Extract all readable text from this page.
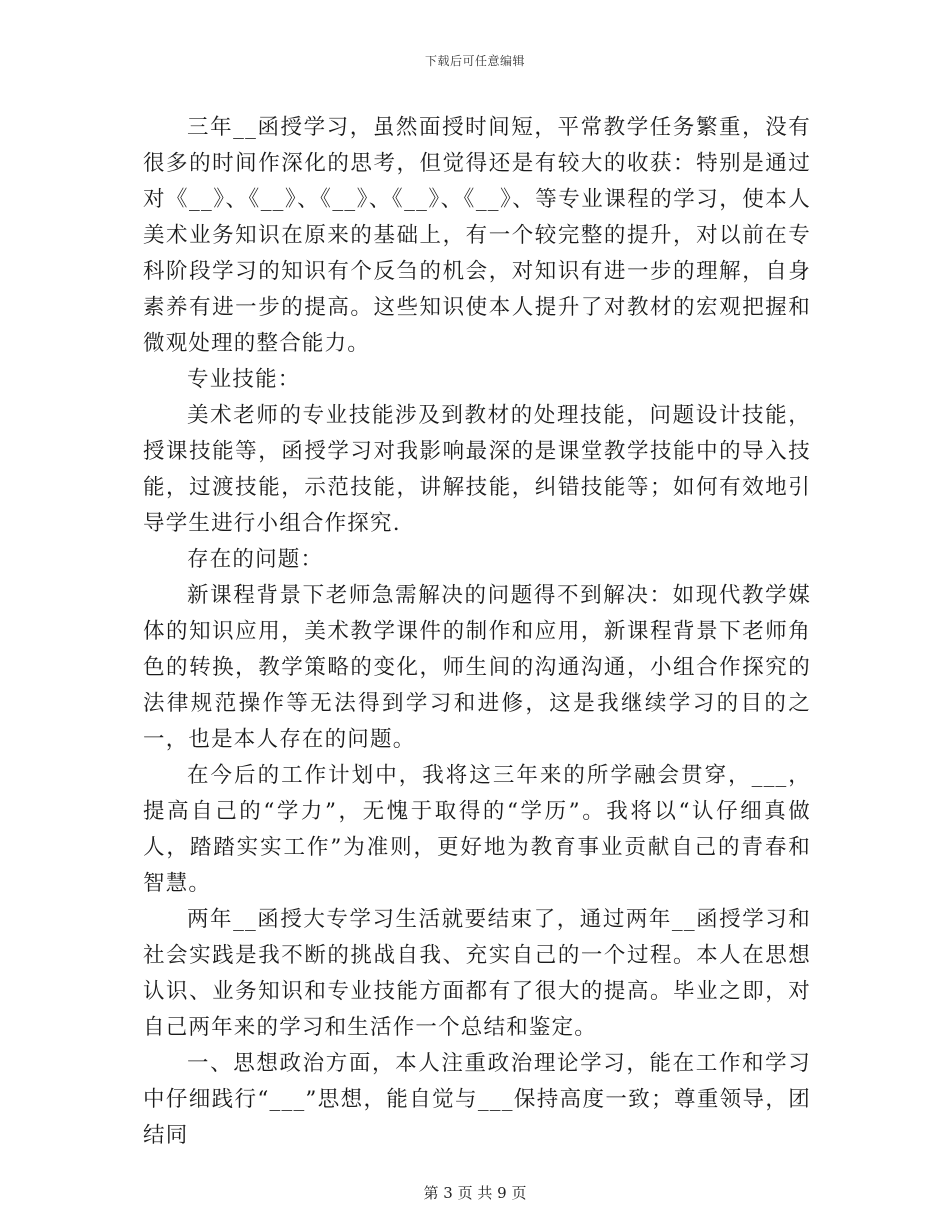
下载后可任意编辑

三年__函授学习，虽然面授时间短，平常教学任务繁重，没有很多的时间作深化的思考，但觉得还是有较大的收获：特别是通过对《__》、《__》、《__》、《__》、《__》、等专业课程的学习，使本人美术业务知识在原来的基础上，有一个较完整的提升，对以前在专科阶段学习的知识有个反刍的机会，对知识有进一步的理解，自身素养有进一步的提高。这些知识使本人提升了对教材的宏观把握和微观处理的整合能力。

专业技能：

美术老师的专业技能涉及到教材的处理技能，问题设计技能，授课技能等，函授学习对我影响最深的是课堂教学技能中的导入技能，过渡技能，示范技能，讲解技能，纠错技能等；如何有效地引导学生进行小组合作探究.

存在的问题：

新课程背景下老师急需解决的问题得不到解决：如现代教学媒体的知识应用，美术教学课件的制作和应用，新课程背景下老师角色的转换，教学策略的变化，师生间的沟通沟通，小组合作探究的法律规范操作等无法得到学习和进修，这是我继续学习的目的之一，也是本人存在的问题。

在今后的工作计划中，我将这三年来的所学融会贯穿，___，提高自己的“学力”，无愧于取得的“学历”。我将以“认仔细真做人，踏踏实实工作”为准则，更好地为教育事业贡献自己的青春和智慧。

两年__函授大专学习生活就要结束了，通过两年__函授学习和社会实践是我不断的挑战自我、充实自己的一个过程。本人在思想认识、业务知识和专业技能方面都有了很大的提高。毕业之即，对自己两年来的学习和生活作一个总结和鉴定。

一、思想政治方面，本人注重政治理论学习，能在工作和学习中仔细践行“___”思想，能自觉与___保持高度一致；尊重领导，团结同

第 3 页 共 9 页
